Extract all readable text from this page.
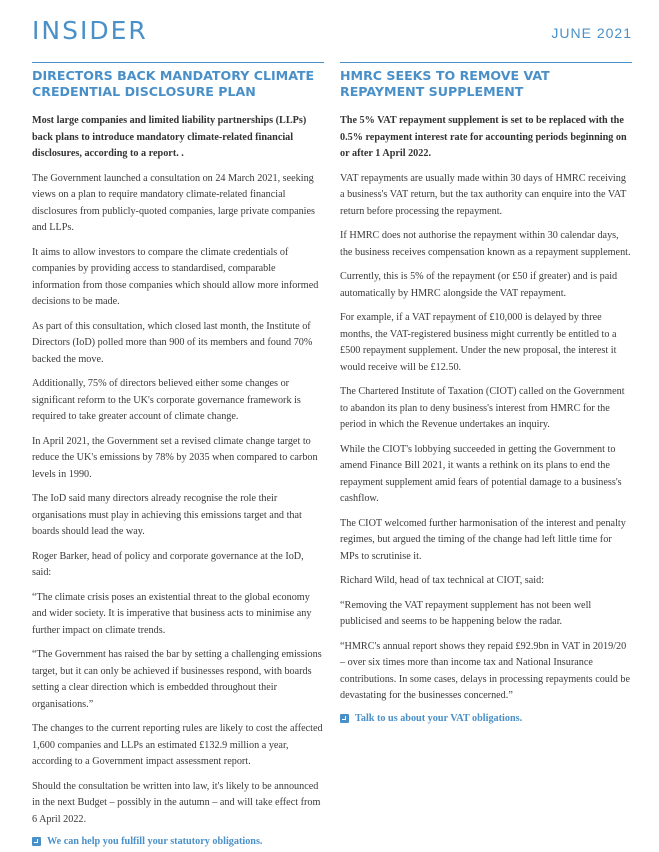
INSIDER	JUNE 2021
DIRECTORS BACK MANDATORY CLIMATE
CREDENTIAL DISCLOSURE PLAN

Most large companies and limited liability partnerships (LLPs) back plans to introduce mandatory climate-related financial disclosures, according to a report. .

The Government launched a consultation on 24 March 2021, seeking views on a plan to require mandatory climate-related financial disclosures from publicly-quoted companies, large private companies and LLPs.

It aims to allow investors to compare the climate credentials of companies by providing access to standardised, comparable information from those companies which should allow more informed decisions to be made.

As part of this consultation, which closed last month, the Institute of Directors (IoD) polled more than 900 of its members and found 70% backed the move.

Additionally, 75% of directors believed either some changes or significant reform to the UK's corporate governance framework is required to take greater account of climate change.

In April 2021, the Government set a revised climate change target to reduce the UK's emissions by 78% by 2035 when compared to carbon levels in 1990.

The IoD said many directors already recognise the role their organisations must play in achieving this emissions target and that boards should lead the way.

Roger Barker, head of policy and corporate governance at the IoD, said:

“The climate crisis poses an existential threat to the global economy and wider society. It is imperative that business acts to minimise any further impact on climate trends.

“The Government has raised the bar by setting a challenging emissions target, but it can only be achieved if businesses respond, with boards setting a clear direction which is embedded throughout their organisations.”

The changes to the current reporting rules are likely to cost the affected 1,600 companies and LLPs an estimated £132.9 million a year, according to a Government impact assessment report.

Should the consultation be written into law, it's likely to be announced in the next Budget – possibly in the autumn – and will take effect from 6 April 2022.

We can help you fulfill your statutory obligations.
HMRC SEEKS TO REMOVE VAT
REPAYMENT SUPPLEMENT

The 5% VAT repayment supplement is set to be replaced with the 0.5% repayment interest rate for accounting periods beginning on or after 1 April 2022.

VAT repayments are usually made within 30 days of HMRC receiving a business's VAT return, but the tax authority can enquire into the VAT return before processing the repayment.

If HMRC does not authorise the repayment within 30 calendar days, the business receives compensation known as a repayment supplement.

Currently, this is 5% of the repayment (or £50 if greater) and is paid automatically by HMRC alongside the VAT repayment.

For example, if a VAT repayment of £10,000 is delayed by three months, the VAT-registered business might currently be entitled to a £500 repayment supplement. Under the new proposal, the interest it would receive will be £12.50.

The Chartered Institute of Taxation (CIOT) called on the Government to abandon its plan to deny business's interest from HMRC for the period in which the Revenue undertakes an inquiry.

While the CIOT's lobbying succeeded in getting the Government to amend Finance Bill 2021, it wants a rethink on its plans to end the repayment supplement amid fears of potential damage to a business's cashflow.

The CIOT welcomed further harmonisation of the interest and penalty regimes, but argued the timing of the change had left little time for MPs to scrutinise it.

Richard Wild, head of tax technical at CIOT, said:

“Removing the VAT repayment supplement has not been well publicised and seems to be happening below the radar.

“HMRC's annual report shows they repaid £92.9bn in VAT in 2019/20 – over six times more than income tax and National Insurance contributions. In some cases, delays in processing repayments could be devastating for the businesses concerned.”

Talk to us about your VAT obligations.
